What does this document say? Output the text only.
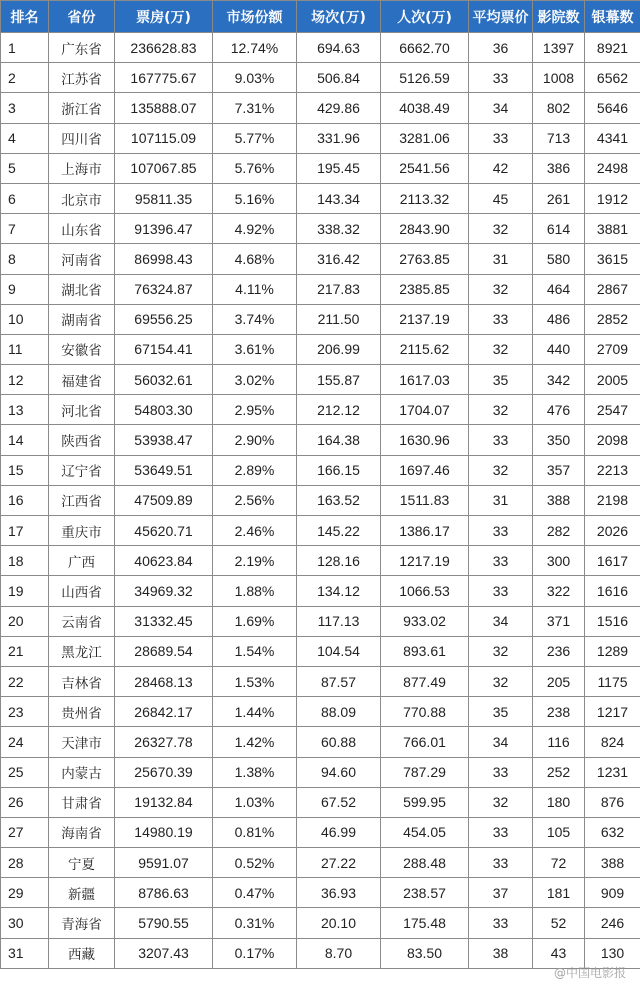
排名	省份	票房(万)	市场份额	场次(万)	人次(万)	平均票价	影院数	银幕数
1	广东省	236628.83	12.74%	694.63	6662.70	36	1397	8921
2	江苏省	167775.67	9.03%	506.84	5126.59	33	1008	6562
3	浙江省	135888.07	7.31%	429.86	4038.49	34	802	5646
4	四川省	107115.09	5.77%	331.96	3281.06	33	713	4341
5	上海市	107067.85	5.76%	195.45	2541.56	42	386	2498
6	北京市	95811.35	5.16%	143.34	2113.32	45	261	1912
7	山东省	91396.47	4.92%	338.32	2843.90	32	614	3881
8	河南省	86998.43	4.68%	316.42	2763.85	31	580	3615
9	湖北省	76324.87	4.11%	217.83	2385.85	32	464	2867
10	湖南省	69556.25	3.74%	211.50	2137.19	33	486	2852
11	安徽省	67154.41	3.61%	206.99	2115.62	32	440	2709
12	福建省	56032.61	3.02%	155.87	1617.03	35	342	2005
13	河北省	54803.30	2.95%	212.12	1704.07	32	476	2547
14	陕西省	53938.47	2.90%	164.38	1630.96	33	350	2098
15	辽宁省	53649.51	2.89%	166.15	1697.46	32	357	2213
16	江西省	47509.89	2.56%	163.52	1511.83	31	388	2198
17	重庆市	45620.71	2.46%	145.22	1386.17	33	282	2026
18	广西	40623.84	2.19%	128.16	1217.19	33	300	1617
19	山西省	34969.32	1.88%	134.12	1066.53	33	322	1616
20	云南省	31332.45	1.69%	117.13	933.02	34	371	1516
21	黑龙江	28689.54	1.54%	104.54	893.61	32	236	1289
22	吉林省	28468.13	1.53%	87.57	877.49	32	205	1175
23	贵州省	26842.17	1.44%	88.09	770.88	35	238	1217
24	天津市	26327.78	1.42%	60.88	766.01	34	116	824
25	内蒙古	25670.39	1.38%	94.60	787.29	33	252	1231
26	甘肃省	19132.84	1.03%	67.52	599.95	32	180	876
27	海南省	14980.19	0.81%	46.99	454.05	33	105	632
28	宁夏	9591.07	0.52%	27.22	288.48	33	72	388
29	新疆	8786.63	0.47%	36.93	238.57	37	181	909
30	青海省	5790.55	0.31%	20.10	175.48	33	52	246
31	西藏	3207.43	0.17%	8.70	83.50	38	43	130
@中国电影报
